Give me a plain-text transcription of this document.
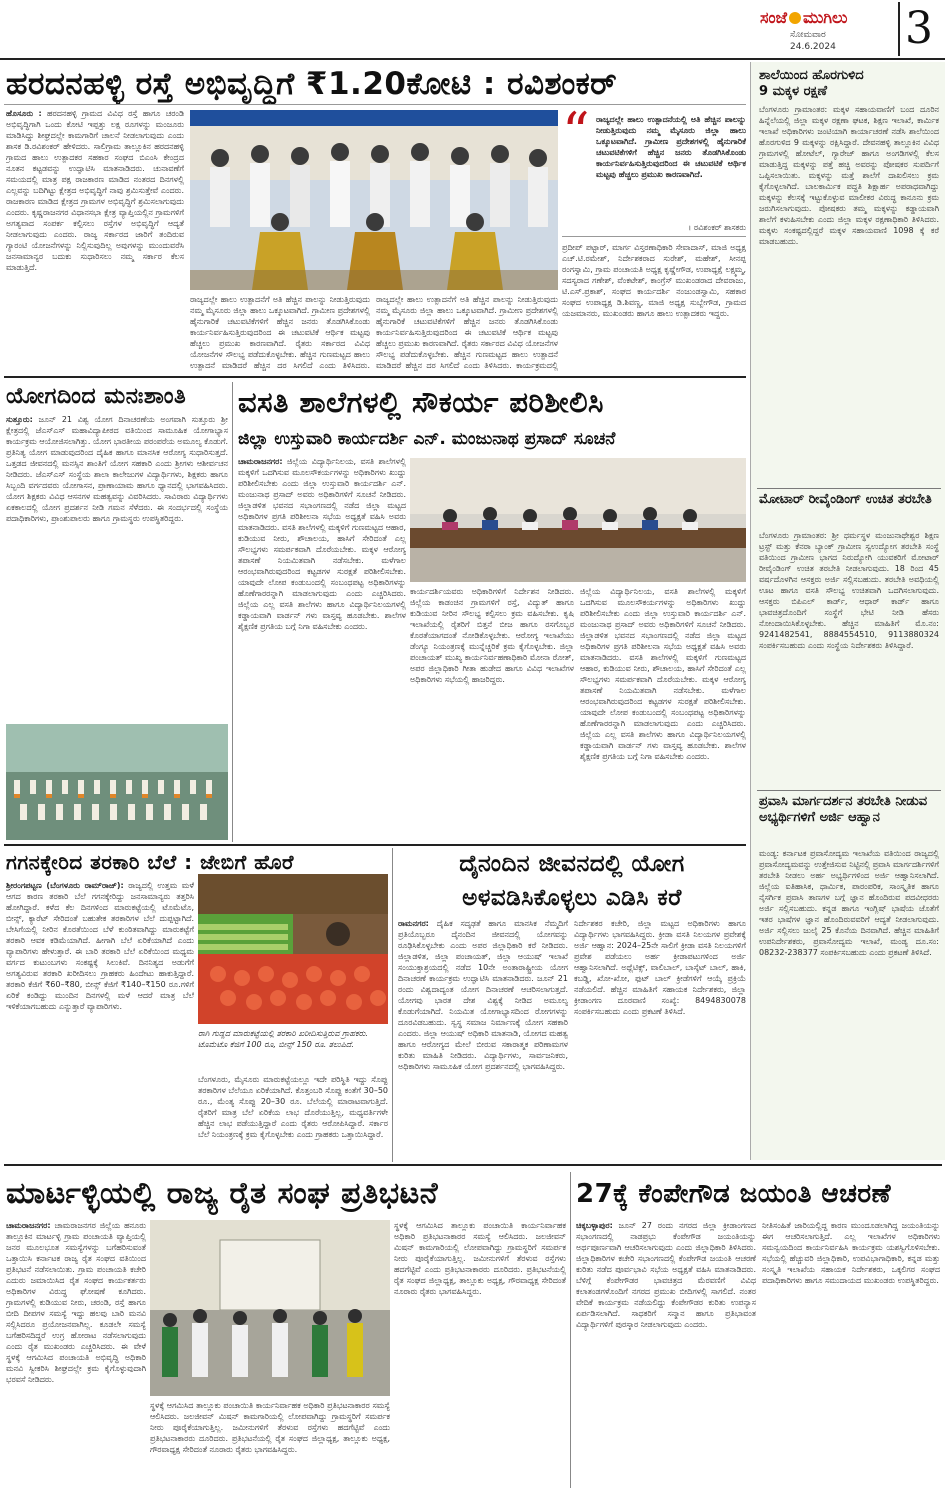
ಸಂಜೆ ಮುಗಿಲು
ಸೋಮವಾರ
24.6.2024 3
ಹರದನಹಳ್ಳಿ ರಸ್ತೆ ಅಭಿವೃದ್ಧಿಗೆ ₹1.20ಕೋಟಿ : ರವಿಶಂಕರ್
ಹೊಸೂರು : ಹರದನಹಳ್ಳಿ ಗ್ರಾಮದ ವಿವಿಧ ರಸ್ತೆ ಹಾಗೂ ಚರಂಡಿ ಅಭಿವೃದ್ಧಿಗಾಗಿ ಒಂದು ಕೋಟಿ ಇಪ್ಪತ್ತು ಲಕ್ಷ ರೂಗಳನ್ನು ಮಂಜೂರು ಮಾಡಿಸಿದ್ದು ಶೀಘ್ರದಲ್ಲೇ ಕಾಮಗಾರಿಗೆ ಚಾಲನೆ ನೀಡಲಾಗುವುದು ಎಂದು ಶಾಸಕ ಡಿ.ರವಿಶಂಕರ್ ಹೇಳಿದರು. ಸಾಲಿಗ್ರಾಮ ತಾಲ್ಲೂಕಿನ ಹರದನಹಳ್ಳಿ ಗ್ರಾಮದ ಹಾಲು ಉತ್ಪಾದಕರ ಸಹಕಾರ ಸಂಘದ ಬಿಎಂಸಿ ಕೇಂದ್ರದ ನೂತನ ಕಟ್ಟಡವನ್ನು ಉದ್ಘಾಟಿಸಿ ಮಾತನಾಡಿದರು. ಚುನಾವಣೆಗೆ ಸಮಯದಲ್ಲಿ ಮಾತ್ರ ಪಕ್ಷ ರಾಜಕಾರಣ ಮಾಡಿದ ನಂತರದ ದಿನಗಳಲ್ಲಿ ಎಲ್ಲವನ್ನು ಬದಿಗಿಟ್ಟು ಕ್ಷೇತ್ರದ ಅಭಿವೃದ್ಧಿಗೆ ನಾವು ಶ್ರಮಿಸುತ್ತೇವೆ ಎಂದರು. ರಾಜಕಾರಣ ಮಾಡಿದ ಕ್ಷೇತ್ರದ ಗ್ರಾಮಗಳ ಅಭಿವೃದ್ಧಿಗೆ ಶ್ರಮಿಸಲಾಗುವುದು ಎಂದರು. ಕೃಷ್ಣರಾಜನಗರ ವಿಧಾನಸಭಾ ಕ್ಷೇತ್ರ ವ್ಯಾಪ್ತಿಯಲ್ಲಿನ ಗ್ರಾಮಗಳಿಗೆ ಅಗತ್ಯವಾದ ಸಂಪರ್ಕ ಕಲ್ಪಿಸಲು ರಸ್ತೆಗಳ ಅಭಿವೃದ್ಧಿಗೆ ಆದ್ಯತೆ ನೀಡಲಾಗುವುದು ಎಂದರು. ರಾಜ್ಯ ಸರ್ಕಾರದ ಜಾರಿಗೆ ತಂದಿರುವ ಗ್ಯಾರಂಟಿ ಯೋಜನೆಗಳನ್ನು ನಿಲ್ಲಿಸುವುದಿಲ್ಲ ಅವುಗಳನ್ನು ಮುಂದುವರೆಸಿ ಜನಸಾಮಾನ್ಯರ ಬದುಕು ಸುಧಾರಿಸಲು ನಮ್ಮ ಸರ್ಕಾರ ಕೆಲಸ ಮಾಡುತ್ತಿದೆ.
“ ರಾಜ್ಯದಲ್ಲೇ ಹಾಲು ಉತ್ಪಾದನೆಯಲ್ಲಿ ಅತಿ ಹೆಚ್ಚಿನ ಪಾಲನ್ನು ನೀಡುತ್ತಿರುವುದು ನಮ್ಮ ಮೈಸೂರು ಜಿಲ್ಲಾ ಹಾಲು ಒಕ್ಕೂಟವಾಗಿದೆ. ಗ್ರಾಮೀಣ ಪ್ರದೇಶಗಳಲ್ಲಿ ಹೈನುಗಾರಿಕೆ ಚಟುವಟಿಕೆಗಳಿಗೆ ಹೆಚ್ಚಿನ ಜನರು ತೊಡಗಿಸಿಕೊಂಡು ಕಾರ್ಯನಿರ್ವಹಿಸುತ್ತಿರುವುದರಿಂದ ಈ ಚಟುವಟಿಕೆ ಆರ್ಥಿಕ ಮಟ್ಟವು ಹೆಚ್ಚಲು ಪ್ರಮುಖ ಕಾರಣವಾಗಿದೆ.
। ರವಿಶಂಕರ್ ಶಾಸಕರು
ರಾಜ್ಯದಲ್ಲೇ ಹಾಲು ಉತ್ಪಾದನೆಗೆ ಅತಿ ಹೆಚ್ಚಿನ ಪಾಲನ್ನು ನೀಡುತ್ತಿರುವುದು ನಮ್ಮ ಮೈಸೂರು ಜಿಲ್ಲಾ ಹಾಲು ಒಕ್ಕೂಟವಾಗಿದೆ. ಗ್ರಾಮೀಣ ಪ್ರದೇಶಗಳಲ್ಲಿ ಹೈನುಗಾರಿಕೆ ಚಟುವಟಿಕೆಗಳಿಗೆ ಹೆಚ್ಚಿನ ಜನರು ತೊಡಗಿಸಿಕೊಂಡು ಕಾರ್ಯನಿರ್ವಹಿಸುತ್ತಿರುವುದರಿಂದ ಈ ಚಟುವಟಿಕೆ ಆರ್ಥಿಕ ಮಟ್ಟವು ಹೆಚ್ಚಲು ಪ್ರಮುಖ ಕಾರಣವಾಗಿದೆ. ರೈತರು ಸರ್ಕಾರದ ವಿವಿಧ ಯೋಜನೆಗಳ ಸೌಲಭ್ಯ ಪಡೆದುಕೊಳ್ಳಬೇಕು. ಹೆಚ್ಚಿನ ಗುಣಮಟ್ಟದ ಹಾಲು ಉತ್ಪಾದನೆ ಮಾಡಿದರೆ ಹೆಚ್ಚಿನ ದರ ಸಿಗಲಿದೆ ಎಂದು ತಿಳಿಸಿದರು.
ರಾಜ್ಯದಲ್ಲೇ ಹಾಲು ಉತ್ಪಾದನೆಗೆ ಅತಿ ಹೆಚ್ಚಿನ ಪಾಲನ್ನು ನೀಡುತ್ತಿರುವುದು ನಮ್ಮ ಮೈಸೂರು ಜಿಲ್ಲಾ ಹಾಲು ಒಕ್ಕೂಟವಾಗಿದೆ. ಗ್ರಾಮೀಣ ಪ್ರದೇಶಗಳಲ್ಲಿ ಹೈನುಗಾರಿಕೆ ಚಟುವಟಿಕೆಗಳಿಗೆ ಹೆಚ್ಚಿನ ಜನರು ತೊಡಗಿಸಿಕೊಂಡು ಕಾರ್ಯನಿರ್ವಹಿಸುತ್ತಿರುವುದರಿಂದ ಈ ಚಟುವಟಿಕೆ ಆರ್ಥಿಕ ಮಟ್ಟವು ಹೆಚ್ಚಲು ಪ್ರಮುಖ ಕಾರಣವಾಗಿದೆ. ರೈತರು ಸರ್ಕಾರದ ವಿವಿಧ ಯೋಜನೆಗಳ ಸೌಲಭ್ಯ ಪಡೆದುಕೊಳ್ಳಬೇಕು. ಹೆಚ್ಚಿನ ಗುಣಮಟ್ಟದ ಹಾಲು ಉತ್ಪಾದನೆ ಮಾಡಿದರೆ ಹೆಚ್ಚಿನ ದರ ಸಿಗಲಿದೆ ಎಂದು ತಿಳಿಸಿದರು. ಕಾರ್ಯಕ್ರಮದಲ್ಲಿ
ಪ್ರದೀಪ್ ಪಟ್ಟಾರ್, ಮಾರ್ಗ ವಿಸ್ತರಣಾಧಿಕಾರಿ ಸೇವಾದಾಸ್, ಮಾಜಿ ಅಧ್ಯಕ್ಷ ಎಚ್.ಟಿ.ರಮೇಶ್, ನಿರ್ದೇಶಕರಾದ ಸುರೇಶ್, ಮಹೇಶ್, ಸೀನಪ್ಪ ರಂಗಸ್ವಾಮಿ, ಗ್ರಾಮ ಪಂಚಾಯತಿ ಅಧ್ಯಕ್ಷ ಕೃಷ್ಣೇಗೌಡ, ಉಪಾಧ್ಯಕ್ಷೆ ಲಕ್ಷ್ಮಮ್ಮ, ಸದಸ್ಯರಾದ ಗಣೇಶ್, ವೆಂಕಟೇಶ್, ಕಾಂಗ್ರೆಸ್ ಮುಖಂಡರಾದ ದೇವರಾಜು, ಟಿ.ಎಸ್.ಪ್ರಕಾಶ್, ಸಂಘದ ಕಾರ್ಯದರ್ಶಿ ನಂಜುಂಡಸ್ವಾಮಿ, ಸಹಕಾರ ಸಂಘದ ಉಪಾಧ್ಯಕ್ಷ ಡಿ.ಶಿವಣ್ಣ, ಮಾಜಿ ಅಧ್ಯಕ್ಷ ಸುಬ್ಬೇಗೌಡ, ಗ್ರಾಮದ ಯಜಮಾನರು, ಮುಖಂಡರು ಹಾಗೂ ಹಾಲು ಉತ್ಪಾದಕರು ಇದ್ದರು.
ಯೋಗದಿಂದ ಮನಃಶಾಂತಿ
ಸುತ್ತೂರು: ಜೂನ್ 21 ವಿಶ್ವ ಯೋಗ ದಿನಾಚರಣೆಯ ಅಂಗವಾಗಿ ಸುತ್ತೂರು ಶ್ರೀ ಕ್ಷೇತ್ರದಲ್ಲಿ ಜೆಎಸ್‌ಎಸ್ ಮಹಾವಿದ್ಯಾಪೀಠದ ವತಿಯಿಂದ ಸಾಮೂಹಿಕ ಯೋಗಾಭ್ಯಾಸ ಕಾರ್ಯಕ್ರಮ ಆಯೋಜಿಸಲಾಗಿತ್ತು. ಯೋಗ ಭಾರತೀಯ ಪರಂಪರೆಯ ಅಮೂಲ್ಯ ಕೊಡುಗೆ. ಪ್ರತಿನಿತ್ಯ ಯೋಗ ಮಾಡುವುದರಿಂದ ದೈಹಿಕ ಹಾಗೂ ಮಾನಸಿಕ ಆರೋಗ್ಯ ಸುಧಾರಿಸುತ್ತದೆ. ಒತ್ತಡದ ಜೀವನದಲ್ಲಿ ಮನಸ್ಸಿನ ಶಾಂತಿಗೆ ಯೋಗ ಸಹಕಾರಿ ಎಂದು ಶ್ರೀಗಳು ಆಶೀರ್ವಚನ ನೀಡಿದರು. ಜೆಎಸ್‌ಎಸ್ ಸಂಸ್ಥೆಯ ಶಾಲಾ ಕಾಲೇಜುಗಳ ವಿದ್ಯಾರ್ಥಿಗಳು, ಶಿಕ್ಷಕರು ಹಾಗೂ ಸಿಬ್ಬಂದಿ ವರ್ಗದವರು ಯೋಗಾಸನ, ಪ್ರಾಣಾಯಾಮ ಹಾಗೂ ಧ್ಯಾನದಲ್ಲಿ ಭಾಗವಹಿಸಿದರು. ಯೋಗ ಶಿಕ್ಷಕರು ವಿವಿಧ ಆಸನಗಳ ಮಹತ್ವವನ್ನು ವಿವರಿಸಿದರು. ಸಾವಿರಾರು ವಿದ್ಯಾರ್ಥಿಗಳು ಏಕಕಾಲದಲ್ಲಿ ಯೋಗ ಪ್ರದರ್ಶನ ನೀಡಿ ಗಮನ ಸೆಳೆದರು. ಈ ಸಂದರ್ಭದಲ್ಲಿ ಸಂಸ್ಥೆಯ ಪದಾಧಿಕಾರಿಗಳು, ಪ್ರಾಂಶುಪಾಲರು ಹಾಗೂ ಗ್ರಾಮಸ್ಥರು ಉಪಸ್ಥಿತರಿದ್ದರು.
ವಸತಿ ಶಾಲೆಗಳಲ್ಲಿ ಸೌಕರ್ಯ ಪರಿಶೀಲಿಸಿ
ಜಿಲ್ಲಾ ಉಸ್ತುವಾರಿ ಕಾರ್ಯದರ್ಶಿ ಎನ್. ಮಂಜುನಾಥ ಪ್ರಸಾದ್ ಸೂಚನೆ
ಚಾಮರಾಜನಗರ: ಜಿಲ್ಲೆಯ ವಿದ್ಯಾರ್ಥಿನಿಲಯ, ವಸತಿ ಶಾಲೆಗಳಲ್ಲಿ ಮಕ್ಕಳಿಗೆ ಒದಗಿಸುವ ಮೂಲಸೌಕರ್ಯಗಳನ್ನು ಅಧಿಕಾರಿಗಳು ಖುದ್ದು ಪರಿಶೀಲಿಸಬೇಕು ಎಂದು ಜಿಲ್ಲಾ ಉಸ್ತುವಾರಿ ಕಾರ್ಯದರ್ಶಿ ಎನ್. ಮಂಜುನಾಥ ಪ್ರಸಾದ್ ಅವರು ಅಧಿಕಾರಿಗಳಿಗೆ ಸೂಚನೆ ನೀಡಿದರು. ಜಿಲ್ಲಾಡಳಿತ ಭವನದ ಸಭಾಂಗಣದಲ್ಲಿ ನಡೆದ ಜಿಲ್ಲಾ ಮಟ್ಟದ ಅಧಿಕಾರಿಗಳ ಪ್ರಗತಿ ಪರಿಶೀಲನಾ ಸಭೆಯ ಅಧ್ಯಕ್ಷತೆ ವಹಿಸಿ ಅವರು ಮಾತನಾಡಿದರು. ವಸತಿ ಶಾಲೆಗಳಲ್ಲಿ ಮಕ್ಕಳಿಗೆ ಗುಣಮಟ್ಟದ ಆಹಾರ, ಕುಡಿಯುವ ನೀರು, ಶೌಚಾಲಯ, ಹಾಸಿಗೆ ಸೇರಿದಂತೆ ಎಲ್ಲ ಸೌಲಭ್ಯಗಳು ಸಮರ್ಪಕವಾಗಿ ದೊರೆಯಬೇಕು. ಮಕ್ಕಳ ಆರೋಗ್ಯ ತಪಾಸಣೆ ನಿಯಮಿತವಾಗಿ ನಡೆಸಬೇಕು. ಮಳೆಗಾಲ ಆರಂಭವಾಗಿರುವುದರಿಂದ ಕಟ್ಟಡಗಳ ಸುರಕ್ಷತೆ ಪರಿಶೀಲಿಸಬೇಕು. ಯಾವುದೇ ಲೋಪ ಕಂಡುಬಂದಲ್ಲಿ ಸಂಬಂಧಪಟ್ಟ ಅಧಿಕಾರಿಗಳನ್ನು ಹೊಣೆಗಾರರನ್ನಾಗಿ ಮಾಡಲಾಗುವುದು ಎಂದು ಎಚ್ಚರಿಸಿದರು. ಜಿಲ್ಲೆಯ ಎಲ್ಲ ವಸತಿ ಶಾಲೆಗಳು ಹಾಗೂ ವಿದ್ಯಾರ್ಥಿನಿಲಯಗಳಲ್ಲಿ ಕಡ್ಡಾಯವಾಗಿ ವಾರ್ಡನ್ ಗಳು ವಾಸ್ತವ್ಯ ಹೂಡಬೇಕು. ಶಾಲೆಗಳ ಶೈಕ್ಷಣಿಕ ಪ್ರಗತಿಯ ಬಗ್ಗೆ ನಿಗಾ ವಹಿಸಬೇಕು ಎಂದರು.
ಕಾರ್ಯದರ್ಶಿಯವರು ಅಧಿಕಾರಿಗಳಿಗೆ ನಿರ್ದೇಶನ ನೀಡಿದರು. ಜಿಲ್ಲೆಯ ಕಾಡಂಚಿನ ಗ್ರಾಮಗಳಿಗೆ ರಸ್ತೆ, ವಿದ್ಯುತ್ ಹಾಗೂ ಕುಡಿಯುವ ನೀರಿನ ಸೌಲಭ್ಯ ಕಲ್ಪಿಸಲು ಕ್ರಮ ವಹಿಸಬೇಕು. ಕೃಷಿ ಇಲಾಖೆಯಲ್ಲಿ ರೈತರಿಗೆ ಬಿತ್ತನೆ ಬೀಜ ಹಾಗೂ ರಸಗೊಬ್ಬರ ಕೊರತೆಯಾಗದಂತೆ ನೋಡಿಕೊಳ್ಳಬೇಕು. ಆರೋಗ್ಯ ಇಲಾಖೆಯು ಡೆಂಗ್ಯೂ ನಿಯಂತ್ರಣಕ್ಕೆ ಮುನ್ನೆಚ್ಚರಿಕೆ ಕ್ರಮ ಕೈಗೊಳ್ಳಬೇಕು. ಜಿಲ್ಲಾ ಪಂಚಾಯತ್ ಮುಖ್ಯ ಕಾರ್ಯನಿರ್ವಹಣಾಧಿಕಾರಿ ಮೋನಾ ರೋತ್, ಅಪರ ಜಿಲ್ಲಾಧಿಕಾರಿ ಗೀತಾ ಹುಡೇದ ಹಾಗೂ ವಿವಿಧ ಇಲಾಖೆಗಳ ಅಧಿಕಾರಿಗಳು ಸಭೆಯಲ್ಲಿ ಹಾಜರಿದ್ದರು.
ಜಿಲ್ಲೆಯ ವಿದ್ಯಾರ್ಥಿನಿಲಯ, ವಸತಿ ಶಾಲೆಗಳಲ್ಲಿ ಮಕ್ಕಳಿಗೆ ಒದಗಿಸುವ ಮೂಲಸೌಕರ್ಯಗಳನ್ನು ಅಧಿಕಾರಿಗಳು ಖುದ್ದು ಪರಿಶೀಲಿಸಬೇಕು ಎಂದು ಜಿಲ್ಲಾ ಉಸ್ತುವಾರಿ ಕಾರ್ಯದರ್ಶಿ ಎನ್. ಮಂಜುನಾಥ ಪ್ರಸಾದ್ ಅವರು ಅಧಿಕಾರಿಗಳಿಗೆ ಸೂಚನೆ ನೀಡಿದರು. ಜಿಲ್ಲಾಡಳಿತ ಭವನದ ಸಭಾಂಗಣದಲ್ಲಿ ನಡೆದ ಜಿಲ್ಲಾ ಮಟ್ಟದ ಅಧಿಕಾರಿಗಳ ಪ್ರಗತಿ ಪರಿಶೀಲನಾ ಸಭೆಯ ಅಧ್ಯಕ್ಷತೆ ವಹಿಸಿ ಅವರು ಮಾತನಾಡಿದರು. ವಸತಿ ಶಾಲೆಗಳಲ್ಲಿ ಮಕ್ಕಳಿಗೆ ಗುಣಮಟ್ಟದ ಆಹಾರ, ಕುಡಿಯುವ ನೀರು, ಶೌಚಾಲಯ, ಹಾಸಿಗೆ ಸೇರಿದಂತೆ ಎಲ್ಲ ಸೌಲಭ್ಯಗಳು ಸಮರ್ಪಕವಾಗಿ ದೊರೆಯಬೇಕು. ಮಕ್ಕಳ ಆರೋಗ್ಯ ತಪಾಸಣೆ ನಿಯಮಿತವಾಗಿ ನಡೆಸಬೇಕು. ಮಳೆಗಾಲ ಆರಂಭವಾಗಿರುವುದರಿಂದ ಕಟ್ಟಡಗಳ ಸುರಕ್ಷತೆ ಪರಿಶೀಲಿಸಬೇಕು. ಯಾವುದೇ ಲೋಪ ಕಂಡುಬಂದಲ್ಲಿ ಸಂಬಂಧಪಟ್ಟ ಅಧಿಕಾರಿಗಳನ್ನು ಹೊಣೆಗಾರರನ್ನಾಗಿ ಮಾಡಲಾಗುವುದು ಎಂದು ಎಚ್ಚರಿಸಿದರು. ಜಿಲ್ಲೆಯ ಎಲ್ಲ ವಸತಿ ಶಾಲೆಗಳು ಹಾಗೂ ವಿದ್ಯಾರ್ಥಿನಿಲಯಗಳಲ್ಲಿ ಕಡ್ಡಾಯವಾಗಿ ವಾರ್ಡನ್ ಗಳು ವಾಸ್ತವ್ಯ ಹೂಡಬೇಕು. ಶಾಲೆಗಳ ಶೈಕ್ಷಣಿಕ ಪ್ರಗತಿಯ ಬಗ್ಗೆ ನಿಗಾ ವಹಿಸಬೇಕು ಎಂದರು.
ಗಗನಕ್ಕೇರಿದ ತರಕಾರಿ ಬೆಲೆ : ಜೇಬಿಗೆ ಹೊರೆ
ಶ್ರೀರಂಗಪಟ್ಟಣ (ಬೆಂಗಳೂರು ರಾಮ್‌ರಾಜ್): ರಾಜ್ಯದಲ್ಲಿ ಉತ್ತಮ ಮಳೆ ಆಗದ ಕಾರಣ ತರಕಾರಿ ಬೆಲೆ ಗಗನಕ್ಕೇರಿದ್ದು ಜನಸಾಮಾನ್ಯರು ತತ್ತರಿಸಿ ಹೋಗಿದ್ದಾರೆ. ಕಳೆದ ಕೆಲ ದಿನಗಳಿಂದ ಮಾರುಕಟ್ಟೆಯಲ್ಲಿ ಟೊಮೆಟೊ, ಬೀನ್ಸ್, ಕ್ಯಾರೆಟ್ ಸೇರಿದಂತೆ ಬಹುತೇಕ ತರಕಾರಿಗಳ ಬೆಲೆ ದುಪ್ಪಟ್ಟಾಗಿದೆ. ಬೇಸಿಗೆಯಲ್ಲಿ ನೀರಿನ ಕೊರತೆಯಿಂದ ಬೆಳೆ ಕುಂಠಿತವಾಗಿದ್ದು ಮಾರುಕಟ್ಟೆಗೆ ತರಕಾರಿ ಆವಕ ಕಡಿಮೆಯಾಗಿದೆ. ಹೀಗಾಗಿ ಬೆಲೆ ಏರಿಕೆಯಾಗಿದೆ ಎಂದು ವ್ಯಾಪಾರಿಗಳು ಹೇಳುತ್ತಾರೆ. ಈ ಬಾರಿ ತರಕಾರಿ ಬೆಲೆ ಏರಿಕೆಯಿಂದ ಮಧ್ಯಮ ವರ್ಗದ ಕುಟುಂಬಗಳು ಸಂಕಷ್ಟಕ್ಕೆ ಸಿಲುಕಿವೆ. ದಿನನಿತ್ಯದ ಅಡುಗೆಗೆ ಅಗತ್ಯವಿರುವ ತರಕಾರಿ ಖರೀದಿಸಲು ಗ್ರಾಹಕರು ಹಿಂದೇಟು ಹಾಕುತ್ತಿದ್ದಾರೆ. ತರಕಾರಿ ಕೆಜಿಗೆ ₹60–₹80, ಬೀನ್ಸ್ ಕೆಜಿಗೆ ₹140–₹150 ರೂ.ಗಳಿಗೆ ಏರಿಕೆ ಕಂಡಿದ್ದು ಮುಂದಿನ ದಿನಗಳಲ್ಲಿ ಮಳೆ ಆದರೆ ಮಾತ್ರ ಬೆಲೆ ಇಳಿಕೆಯಾಗಬಹುದು ಎನ್ನುತ್ತಾರೆ ವ್ಯಾಪಾರಿಗಳು.
ರಾಗಿ ಗುಡ್ಡದ ಮಾರುಕಟ್ಟೆಯಲ್ಲಿ ತರಕಾರಿ ಖರೀದಿಸುತ್ತಿರುವ ಗ್ರಾಹಕರು. ಟೊಮೆಟೊ ಕೆಜಿಗೆ 100 ರೂ, ಬೀನ್ಸ್ 150 ರೂ. ತಲುಪಿದೆ.
ಬೆಂಗಳೂರು, ಮೈಸೂರು ಮಾರುಕಟ್ಟೆಯಲ್ಲೂ ಇದೇ ಪರಿಸ್ಥಿತಿ ಇದ್ದು ಸೊಪ್ಪು ತರಕಾರಿಗಳ ಬೆಲೆಯೂ ಏರಿಕೆಯಾಗಿದೆ. ಕೊತ್ತಂಬರಿ ಸೊಪ್ಪು ಕಂತೆಗೆ 30–50 ರೂ., ಮೆಂತ್ಯ ಸೊಪ್ಪು 20–30 ರೂ. ಬೆಲೆಯಲ್ಲಿ ಮಾರಾಟವಾಗುತ್ತಿದೆ. ರೈತರಿಗೆ ಮಾತ್ರ ಬೆಲೆ ಏರಿಕೆಯ ಲಾಭ ದೊರೆಯುತ್ತಿಲ್ಲ, ಮಧ್ಯವರ್ತಿಗಳೇ ಹೆಚ್ಚಿನ ಲಾಭ ಪಡೆಯುತ್ತಿದ್ದಾರೆ ಎಂದು ರೈತರು ಆರೋಪಿಸಿದ್ದಾರೆ. ಸರ್ಕಾರ ಬೆಲೆ ನಿಯಂತ್ರಣಕ್ಕೆ ಕ್ರಮ ಕೈಗೊಳ್ಳಬೇಕು ಎಂದು ಗ್ರಾಹಕರು ಒತ್ತಾಯಿಸಿದ್ದಾರೆ.
ದೈನಂದಿನ ಜೀವನದಲ್ಲಿ ಯೋಗ
ಅಳವಡಿಸಿಕೊಳ್ಳಲು ಎಡಿಸಿ ಕರೆ
ರಾಮನಗರ: ದೈಹಿಕ ಸದೃಢತೆ ಹಾಗೂ ಮಾನಸಿಕ ನೆಮ್ಮದಿಗೆ ಪ್ರತಿಯೊಬ್ಬರೂ ದೈನಂದಿನ ಜೀವನದಲ್ಲಿ ಯೋಗವನ್ನು ರೂಢಿಸಿಕೊಳ್ಳಬೇಕು ಎಂದು ಅಪರ ಜಿಲ್ಲಾಧಿಕಾರಿ ಕರೆ ನೀಡಿದರು. ಜಿಲ್ಲಾಡಳಿತ, ಜಿಲ್ಲಾ ಪಂಚಾಯತ್, ಜಿಲ್ಲಾ ಆಯುಷ್ ಇಲಾಖೆ ಸಂಯುಕ್ತಾಶ್ರಯದಲ್ಲಿ ನಡೆದ 10ನೇ ಅಂತಾರಾಷ್ಟ್ರೀಯ ಯೋಗ ದಿನಾಚರಣೆ ಕಾರ್ಯಕ್ರಮ ಉದ್ಘಾಟಿಸಿ ಮಾತನಾಡಿದರು. ಜೂನ್ 21 ರಂದು ವಿಶ್ವದಾದ್ಯಂತ ಯೋಗ ದಿನಾಚರಣೆ ಆಚರಿಸಲಾಗುತ್ತದೆ. ಯೋಗವು ಭಾರತ ದೇಶ ವಿಶ್ವಕ್ಕೆ ನೀಡಿದ ಅಮೂಲ್ಯ ಕೊಡುಗೆಯಾಗಿದೆ. ನಿಯಮಿತ ಯೋಗಾಭ್ಯಾಸದಿಂದ ರೋಗಗಳನ್ನು ದೂರವಿಡಬಹುದು. ಸ್ವಸ್ಥ ಸಮಾಜ ನಿರ್ಮಾಣಕ್ಕೆ ಯೋಗ ಸಹಕಾರಿ ಎಂದರು. ಜಿಲ್ಲಾ ಆಯುಷ್ ಅಧಿಕಾರಿ ಮಾತನಾಡಿ, ಯೋಗದ ಮಹತ್ವ ಹಾಗೂ ಆರೋಗ್ಯದ ಮೇಲೆ ಬೀರುವ ಸಕಾರಾತ್ಮಕ ಪರಿಣಾಮಗಳ ಕುರಿತು ಮಾಹಿತಿ ನೀಡಿದರು. ವಿದ್ಯಾರ್ಥಿಗಳು, ಸಾರ್ವಜನಿಕರು, ಅಧಿಕಾರಿಗಳು ಸಾಮೂಹಿಕ ಯೋಗ ಪ್ರದರ್ಶನದಲ್ಲಿ ಭಾಗವಹಿಸಿದ್ದರು.
ನಿರ್ದೇಶಕರ ಕಚೇರಿ, ಜಿಲ್ಲಾ ಮಟ್ಟದ ಅಧಿಕಾರಿಗಳು ಹಾಗೂ ವಿದ್ಯಾರ್ಥಿಗಳು ಭಾಗವಹಿಸಿದ್ದರು. ಕ್ರೀಡಾ ವಸತಿ ನಿಲಯಗಳ ಪ್ರವೇಶಕ್ಕೆ ಅರ್ಜಿ ಆಹ್ವಾನ: 2024–25ನೇ ಸಾಲಿಗೆ ಕ್ರೀಡಾ ವಸತಿ ನಿಲಯಗಳಿಗೆ ಪ್ರವೇಶ ಪಡೆಯಲು ಅರ್ಹ ಕ್ರೀಡಾಪಟುಗಳಿಂದ ಅರ್ಜಿ ಆಹ್ವಾನಿಸಲಾಗಿದೆ. ಅಥ್ಲೆಟಿಕ್ಸ್, ವಾಲಿಬಾಲ್, ಬಾಸ್ಕೆಟ್ ಬಾಲ್, ಹಾಕಿ, ಕಬಡ್ಡಿ, ಖೋ-ಖೋ, ಫುಟ್ ಬಾಲ್ ಕ್ರೀಡೆಗಳಿಗೆ ಆಯ್ಕೆ ಪ್ರಕ್ರಿಯೆ ನಡೆಯಲಿದೆ. ಹೆಚ್ಚಿನ ಮಾಹಿತಿಗೆ ಸಹಾಯಕ ನಿರ್ದೇಶಕರು, ಜಿಲ್ಲಾ ಕ್ರೀಡಾಂಗಣ ದೂರವಾಣಿ ಸಂಖ್ಯೆ: 8494830078 ಸಂಪರ್ಕಿಸಬಹುದು ಎಂದು ಪ್ರಕಟಣೆ ತಿಳಿಸಿದೆ.
ಶಾಲೆಯಿಂದ ಹೊರಗುಳಿದ
9 ಮಕ್ಕಳ ರಕ್ಷಣೆ
ಬೆಂಗಳೂರು ಗ್ರಾಮಾಂತರ: ಮಕ್ಕಳ ಸಹಾಯವಾಣಿಗೆ ಬಂದ ದೂರಿನ ಹಿನ್ನೆಲೆಯಲ್ಲಿ ಜಿಲ್ಲಾ ಮಕ್ಕಳ ರಕ್ಷಣಾ ಘಟಕ, ಶಿಕ್ಷಣ ಇಲಾಖೆ, ಕಾರ್ಮಿಕ ಇಲಾಖೆ ಅಧಿಕಾರಿಗಳು ಜಂಟಿಯಾಗಿ ಕಾರ್ಯಾಚರಣೆ ನಡೆಸಿ ಶಾಲೆಯಿಂದ ಹೊರಗುಳಿದ 9 ಮಕ್ಕಳನ್ನು ರಕ್ಷಿಸಿದ್ದಾರೆ. ದೇವನಹಳ್ಳಿ ತಾಲ್ಲೂಕಿನ ವಿವಿಧ ಗ್ರಾಮಗಳಲ್ಲಿ ಹೋಟೆಲ್, ಗ್ಯಾರೇಜ್ ಹಾಗೂ ಅಂಗಡಿಗಳಲ್ಲಿ ಕೆಲಸ ಮಾಡುತ್ತಿದ್ದ ಮಕ್ಕಳನ್ನು ಪತ್ತೆ ಹಚ್ಚಿ ಅವರನ್ನು ಪೋಷಕರ ಸುಪರ್ದಿಗೆ ಒಪ್ಪಿಸಲಾಯಿತು. ಮಕ್ಕಳನ್ನು ಮತ್ತೆ ಶಾಲೆಗೆ ದಾಖಲಿಸಲು ಕ್ರಮ ಕೈಗೊಳ್ಳಲಾಗಿದೆ. ಬಾಲಕಾರ್ಮಿಕ ಪದ್ಧತಿ ಶಿಕ್ಷಾರ್ಹ ಅಪರಾಧವಾಗಿದ್ದು ಮಕ್ಕಳನ್ನು ಕೆಲಸಕ್ಕೆ ಇಟ್ಟುಕೊಳ್ಳುವ ಮಾಲೀಕರ ವಿರುದ್ಧ ಕಾನೂನು ಕ್ರಮ ಜರುಗಿಸಲಾಗುವುದು. ಪೋಷಕರು ತಮ್ಮ ಮಕ್ಕಳನ್ನು ಕಡ್ಡಾಯವಾಗಿ ಶಾಲೆಗೆ ಕಳುಹಿಸಬೇಕು ಎಂದು ಜಿಲ್ಲಾ ಮಕ್ಕಳ ರಕ್ಷಣಾಧಿಕಾರಿ ತಿಳಿಸಿದರು. ಮಕ್ಕಳು ಸಂಕಷ್ಟದಲ್ಲಿದ್ದರೆ ಮಕ್ಕಳ ಸಹಾಯವಾಣಿ 1098 ಕ್ಕೆ ಕರೆ ಮಾಡಬಹುದು.
ಮೋಟಾರ್ ರೀವೈಂಡಿಂಗ್ ಉಚಿತ ತರಬೇತಿ
ಬೆಂಗಳೂರು ಗ್ರಾಮಾಂತರ: ಶ್ರೀ ಧರ್ಮಸ್ಥಳ ಮಂಜುನಾಥೇಶ್ವರ ಶಿಕ್ಷಣ ಟ್ರಸ್ಟ್ ಮತ್ತು ಕೆನರಾ ಬ್ಯಾಂಕ್ ಗ್ರಾಮೀಣ ಸ್ವಉದ್ಯೋಗ ತರಬೇತಿ ಸಂಸ್ಥೆ ವತಿಯಿಂದ ಗ್ರಾಮೀಣ ಭಾಗದ ನಿರುದ್ಯೋಗಿ ಯುವಕರಿಗೆ ಮೋಟಾರ್ ರೀವೈಂಡಿಂಗ್ ಉಚಿತ ತರಬೇತಿ ನೀಡಲಾಗುವುದು. 18 ರಿಂದ 45 ವರ್ಷದೊಳಗಿನ ಆಸಕ್ತರು ಅರ್ಜಿ ಸಲ್ಲಿಸಬಹುದು. ತರಬೇತಿ ಅವಧಿಯಲ್ಲಿ ಊಟ ಹಾಗೂ ವಸತಿ ಸೌಲಭ್ಯ ಉಚಿತವಾಗಿ ಒದಗಿಸಲಾಗುವುದು. ಆಸಕ್ತರು ಬಿಪಿಎಲ್ ಕಾರ್ಡ್, ಆಧಾರ್ ಕಾರ್ಡ್ ಹಾಗೂ ಭಾವಚಿತ್ರದೊಂದಿಗೆ ಸಂಸ್ಥೆಗೆ ಭೇಟಿ ನೀಡಿ ಹೆಸರು ನೋಂದಾಯಿಸಿಕೊಳ್ಳಬೇಕು. ಹೆಚ್ಚಿನ ಮಾಹಿತಿಗೆ ಮೊ.ನಂ: 9241482541, 8884554510, 9113880324 ಸಂಪರ್ಕಿಸಬಹುದು ಎಂದು ಸಂಸ್ಥೆಯ ನಿರ್ದೇಶಕರು ತಿಳಿಸಿದ್ದಾರೆ.
ಪ್ರವಾಸಿ ಮಾರ್ಗದರ್ಶನ ತರಬೇತಿ ನೀಡುವ ಅಭ್ಯರ್ಥಿಗಳಿಗೆ ಅರ್ಜಿ ಆಹ್ವಾನ
ಮಂಡ್ಯ: ಕರ್ನಾಟಕ ಪ್ರವಾಸೋದ್ಯಮ ಇಲಾಖೆಯ ವತಿಯಿಂದ ರಾಜ್ಯದಲ್ಲಿ ಪ್ರವಾಸೋದ್ಯಮವನ್ನು ಉತ್ತೇಜಿಸುವ ನಿಟ್ಟಿನಲ್ಲಿ ಪ್ರವಾಸಿ ಮಾರ್ಗದರ್ಶಿಗಳಿಗೆ ತರಬೇತಿ ನೀಡಲು ಅರ್ಹ ಅಭ್ಯರ್ಥಿಗಳಿಂದ ಅರ್ಜಿ ಆಹ್ವಾನಿಸಲಾಗಿದೆ. ಜಿಲ್ಲೆಯ ಐತಿಹಾಸಿಕ, ಧಾರ್ಮಿಕ, ಪಾರಂಪರಿಕ, ಸಾಂಸ್ಕೃತಿಕ ಹಾಗೂ ನೈಸರ್ಗಿಕ ಪ್ರವಾಸಿ ತಾಣಗಳ ಬಗ್ಗೆ ಜ್ಞಾನ ಹೊಂದಿರುವ ಪದವೀಧರರು ಅರ್ಜಿ ಸಲ್ಲಿಸಬಹುದು. ಕನ್ನಡ ಹಾಗೂ ಇಂಗ್ಲಿಷ್ ಭಾಷೆಯ ಜೊತೆಗೆ ಇತರ ಭಾಷೆಗಳ ಜ್ಞಾನ ಹೊಂದಿರುವವರಿಗೆ ಆದ್ಯತೆ ನೀಡಲಾಗುವುದು. ಅರ್ಜಿ ಸಲ್ಲಿಸಲು ಜುಲೈ 25 ಕೊನೆಯ ದಿನವಾಗಿದೆ. ಹೆಚ್ಚಿನ ಮಾಹಿತಿಗೆ ಉಪನಿರ್ದೇಶಕರು, ಪ್ರವಾಸೋದ್ಯಮ ಇಲಾಖೆ, ಮಂಡ್ಯ ದೂ.ಸಂ: 08232-238377 ಸಂಪರ್ಕಿಸಬಹುದು ಎಂದು ಪ್ರಕಟಣೆ ತಿಳಿಸಿದೆ.
ಮಾರ್ಟಳ್ಳಿಯಲ್ಲಿ ರಾಜ್ಯ ರೈತ ಸಂಘ ಪ್ರತಿಭಟನೆ
ಚಾಮರಾಜನಗರ: ಚಾಮರಾಜನಗರ ಜಿಲ್ಲೆಯ ಹನೂರು ತಾಲ್ಲೂಕಿನ ಮಾರ್ಟಳ್ಳಿ ಗ್ರಾಮ ಪಂಚಾಯತಿ ವ್ಯಾಪ್ತಿಯಲ್ಲಿ ಜನರ ಮೂಲಭೂತ ಸಮಸ್ಯೆಗಳನ್ನು ಬಗೆಹರಿಸುವಂತೆ ಒತ್ತಾಯಿಸಿ ಕರ್ನಾಟಕ ರಾಜ್ಯ ರೈತ ಸಂಘದ ವತಿಯಿಂದ ಪ್ರತಿಭಟನೆ ನಡೆಸಲಾಯಿತು. ಗ್ರಾಮ ಪಂಚಾಯತಿ ಕಚೇರಿ ಎದುರು ಜಮಾಯಿಸಿದ ರೈತ ಸಂಘದ ಕಾರ್ಯಕರ್ತರು ಅಧಿಕಾರಿಗಳ ವಿರುದ್ಧ ಘೋಷಣೆ ಕೂಗಿದರು. ಗ್ರಾಮಗಳಲ್ಲಿ ಕುಡಿಯುವ ನೀರು, ಚರಂಡಿ, ರಸ್ತೆ ಹಾಗೂ ಬೀದಿ ದೀಪಗಳ ಸಮಸ್ಯೆ ಇದ್ದು ಹಲವು ಬಾರಿ ಮನವಿ ಸಲ್ಲಿಸಿದರೂ ಪ್ರಯೋಜನವಾಗಿಲ್ಲ. ಕೂಡಲೇ ಸಮಸ್ಯೆ ಬಗೆಹರಿಸದಿದ್ದರೆ ಉಗ್ರ ಹೋರಾಟ ನಡೆಸಲಾಗುವುದು ಎಂದು ರೈತ ಮುಖಂಡರು ಎಚ್ಚರಿಸಿದರು. ಈ ವೇಳೆ ಸ್ಥಳಕ್ಕೆ ಆಗಮಿಸಿದ ಪಂಚಾಯತಿ ಅಭಿವೃದ್ಧಿ ಅಧಿಕಾರಿ ಮನವಿ ಸ್ವೀಕರಿಸಿ ಶೀಘ್ರದಲ್ಲೇ ಕ್ರಮ ಕೈಗೊಳ್ಳುವುದಾಗಿ ಭರವಸೆ ನೀಡಿದರು.
ಸ್ಥಳಕ್ಕೆ ಆಗಮಿಸಿದ ತಾಲ್ಲೂಕು ಪಂಚಾಯಿತಿ ಕಾರ್ಯನಿರ್ವಾಹಕ ಅಧಿಕಾರಿ ಪ್ರತಿಭಟನಾಕಾರರ ಸಮಸ್ಯೆ ಆಲಿಸಿದರು. ಜಲಜೀವನ್ ಮಿಷನ್ ಕಾಮಗಾರಿಯಲ್ಲಿ ಲೋಪವಾಗಿದ್ದು ಗ್ರಾಮಸ್ಥರಿಗೆ ಸಮರ್ಪಕ ನೀರು ಪೂರೈಕೆಯಾಗುತ್ತಿಲ್ಲ. ಜಮೀನುಗಳಿಗೆ ತೆರಳುವ ರಸ್ತೆಗಳು ಹದಗೆಟ್ಟಿವೆ ಎಂದು ಪ್ರತಿಭಟನಾಕಾರರು ದೂರಿದರು. ಪ್ರತಿಭಟನೆಯಲ್ಲಿ ರೈತ ಸಂಘದ ಜಿಲ್ಲಾಧ್ಯಕ್ಷ, ತಾಲ್ಲೂಕು ಅಧ್ಯಕ್ಷ, ಗೌರವಾಧ್ಯಕ್ಷ ಸೇರಿದಂತೆ ನೂರಾರು ರೈತರು ಭಾಗವಹಿಸಿದ್ದರು.
ಸ್ಥಳಕ್ಕೆ ಆಗಮಿಸಿದ ತಾಲ್ಲೂಕು ಪಂಚಾಯಿತಿ ಕಾರ್ಯನಿರ್ವಾಹಕ ಅಧಿಕಾರಿ ಪ್ರತಿಭಟನಾಕಾರರ ಸಮಸ್ಯೆ ಆಲಿಸಿದರು. ಜಲಜೀವನ್ ಮಿಷನ್ ಕಾಮಗಾರಿಯಲ್ಲಿ ಲೋಪವಾಗಿದ್ದು ಗ್ರಾಮಸ್ಥರಿಗೆ ಸಮರ್ಪಕ ನೀರು ಪೂರೈಕೆಯಾಗುತ್ತಿಲ್ಲ. ಜಮೀನುಗಳಿಗೆ ತೆರಳುವ ರಸ್ತೆಗಳು ಹದಗೆಟ್ಟಿವೆ ಎಂದು ಪ್ರತಿಭಟನಾಕಾರರು ದೂರಿದರು. ಪ್ರತಿಭಟನೆಯಲ್ಲಿ ರೈತ ಸಂಘದ ಜಿಲ್ಲಾಧ್ಯಕ್ಷ, ತಾಲ್ಲೂಕು ಅಧ್ಯಕ್ಷ, ಗೌರವಾಧ್ಯಕ್ಷ ಸೇರಿದಂತೆ ನೂರಾರು ರೈತರು ಭಾಗವಹಿಸಿದ್ದರು.
27ಕ್ಕೆ ಕೆಂಪೇಗೌಡ ಜಯಂತಿ ಆಚರಣೆ
ಚಿಕ್ಕಬಳ್ಳಾಪುರ: ಜೂನ್ 27 ರಂದು ನಗರದ ಜಿಲ್ಲಾ ಕ್ರೀಡಾಂಗಣದ ಸಭಾಂಗಣದಲ್ಲಿ ನಾಡಪ್ರಭು ಕೆಂಪೇಗೌಡ ಜಯಂತಿಯನ್ನು ಅರ್ಥಪೂರ್ಣವಾಗಿ ಆಚರಿಸಲಾಗುವುದು ಎಂದು ಜಿಲ್ಲಾಧಿಕಾರಿ ತಿಳಿಸಿದರು. ಜಿಲ್ಲಾಧಿಕಾರಿಗಳ ಕಚೇರಿ ಸಭಾಂಗಣದಲ್ಲಿ ಕೆಂಪೇಗೌಡ ಜಯಂತಿ ಆಚರಣೆ ಕುರಿತು ನಡೆದ ಪೂರ್ವಭಾವಿ ಸಭೆಯ ಅಧ್ಯಕ್ಷತೆ ವಹಿಸಿ ಮಾತನಾಡಿದರು. ಬೆಳಿಗ್ಗೆ ಕೆಂಪೇಗೌಡರ ಭಾವಚಿತ್ರದ ಮೆರವಣಿಗೆ ವಿವಿಧ ಕಲಾತಂಡಗಳೊಂದಿಗೆ ನಗರದ ಪ್ರಮುಖ ಬೀದಿಗಳಲ್ಲಿ ಸಾಗಲಿದೆ. ನಂತರ ವೇದಿಕೆ ಕಾರ್ಯಕ್ರಮ ನಡೆಯಲಿದ್ದು ಕೆಂಪೇಗೌಡರ ಕುರಿತು ಉಪನ್ಯಾಸ ಏರ್ಪಡಿಸಲಾಗಿದೆ. ಸಾಧಕರಿಗೆ ಸನ್ಮಾನ ಹಾಗೂ ಪ್ರತಿಭಾವಂತ ವಿದ್ಯಾರ್ಥಿಗಳಿಗೆ ಪುರಸ್ಕಾರ ನೀಡಲಾಗುವುದು ಎಂದರು.
ನೀತಿಸಂಹಿತೆ ಜಾರಿಯಲ್ಲಿದ್ದ ಕಾರಣ ಮುಂದೂಡಲಾಗಿದ್ದ ಜಯಂತಿಯನ್ನು ಈಗ ಆಚರಿಸಲಾಗುತ್ತಿದೆ. ಎಲ್ಲ ಇಲಾಖೆಗಳ ಅಧಿಕಾರಿಗಳು ಸಮನ್ವಯದಿಂದ ಕಾರ್ಯನಿರ್ವಹಿಸಿ ಕಾರ್ಯಕ್ರಮ ಯಶಸ್ವಿಗೊಳಿಸಬೇಕು. ಸಭೆಯಲ್ಲಿ ಹೆಚ್ಚುವರಿ ಜಿಲ್ಲಾಧಿಕಾರಿ, ಉಪವಿಭಾಗಾಧಿಕಾರಿ, ಕನ್ನಡ ಮತ್ತು ಸಂಸ್ಕೃತಿ ಇಲಾಖೆಯ ಸಹಾಯಕ ನಿರ್ದೇಶಕರು, ಒಕ್ಕಲಿಗರ ಸಂಘದ ಪದಾಧಿಕಾರಿಗಳು ಹಾಗೂ ಸಮುದಾಯದ ಮುಖಂಡರು ಉಪಸ್ಥಿತರಿದ್ದರು.
